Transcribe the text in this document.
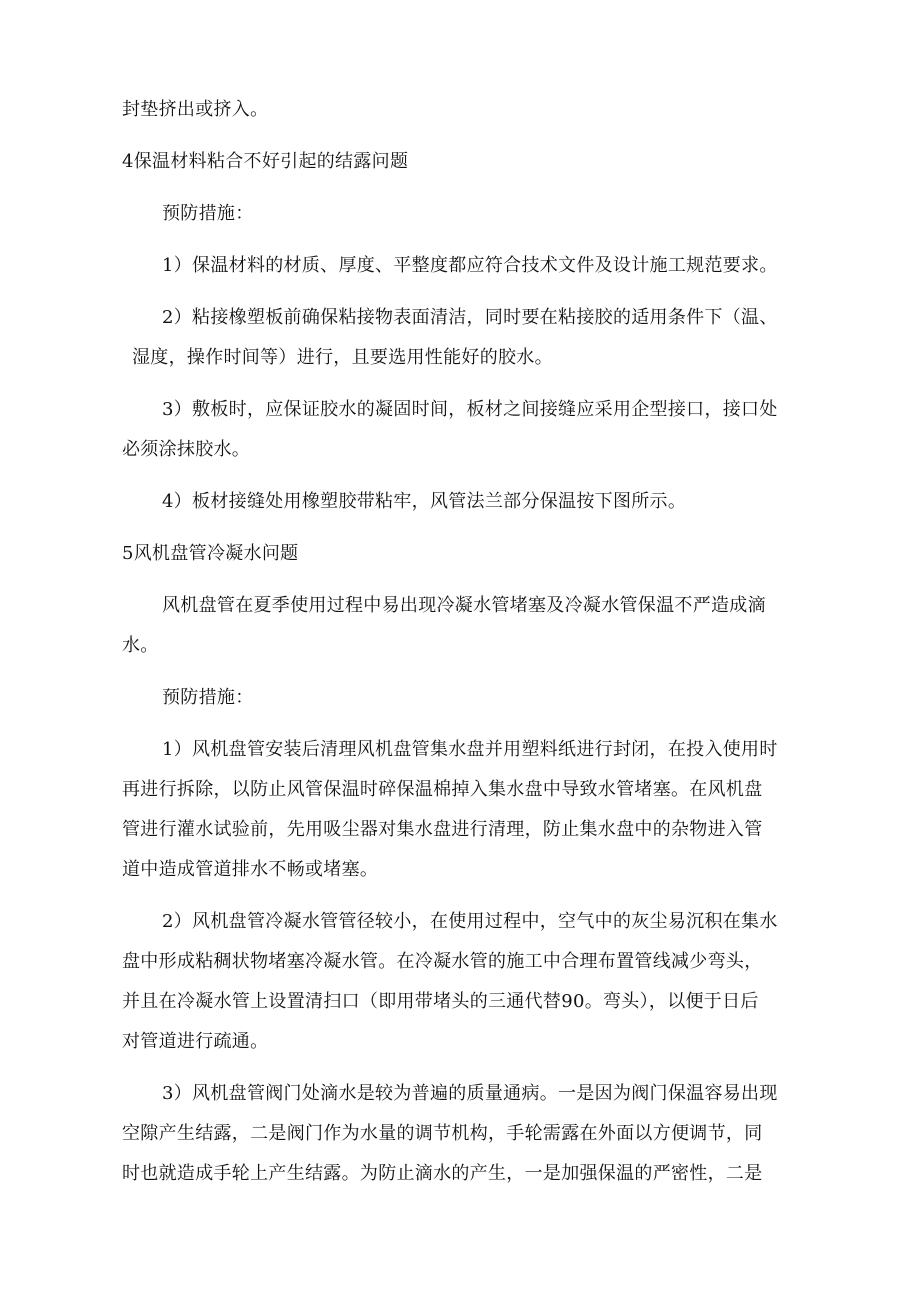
封垫挤出或挤入。
4保温材料粘合不好引起的结露问题
预防措施：
1）保温材料的材质、厚度、平整度都应符合技术文件及设计施工规范要求。
2）粘接橡塑板前确保粘接物表面清洁，同时要在粘接胶的适用条件下（温、
湿度，操作时间等）进行，且要选用性能好的胶水。
3）敷板时，应保证胶水的凝固时间，板材之间接缝应采用企型接口，接口处
必须涂抹胶水。
4）板材接缝处用橡塑胶带粘牢，风管法兰部分保温按下图所示。
5风机盘管冷凝水问题
风机盘管在夏季使用过程中易出现冷凝水管堵塞及冷凝水管保温不严造成滴
水。
预防措施：
1）风机盘管安装后清理风机盘管集水盘并用塑料纸进行封闭，在投入使用时
再进行拆除，以防止风管保温时碎保温棉掉入集水盘中导致水管堵塞。在风机盘
管进行灌水试验前，先用吸尘器对集水盘进行清理，防止集水盘中的杂物进入管
道中造成管道排水不畅或堵塞。
2）风机盘管冷凝水管管径较小，在使用过程中，空气中的灰尘易沉积在集水
盘中形成粘稠状物堵塞冷凝水管。在冷凝水管的施工中合理布置管线减少弯头，
并且在冷凝水管上设置清扫口（即用带堵头的三通代替90。弯头），以便于日后
对管道进行疏通。
3）风机盘管阀门处滴水是较为普遍的质量通病。一是因为阀门保温容易出现
空隙产生结露，二是阀门作为水量的调节机构，手轮需露在外面以方便调节，同
时也就造成手轮上产生结露。为防止滴水的产生，一是加强保温的严密性，二是
